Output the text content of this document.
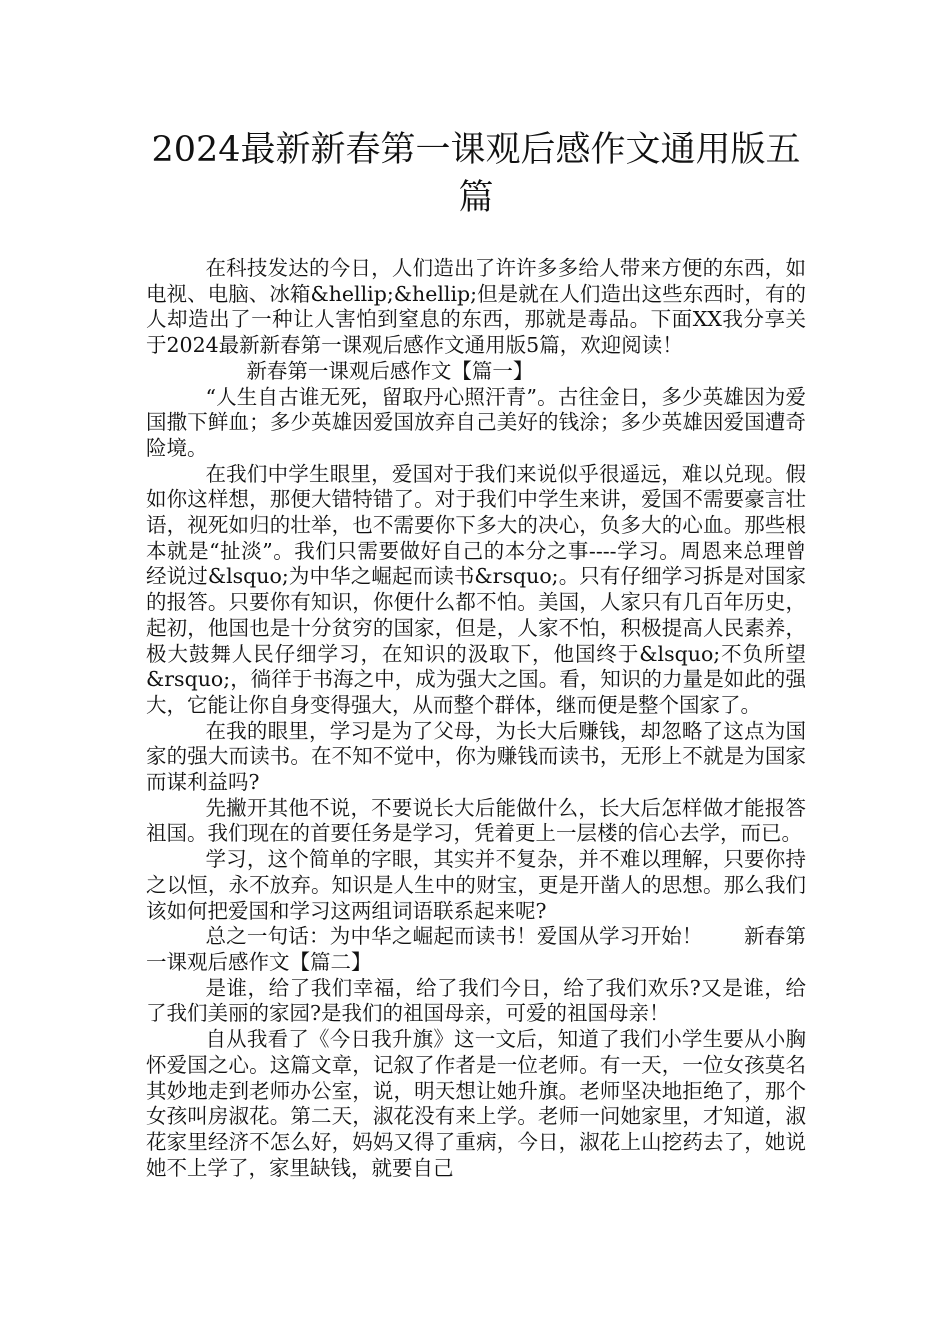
2024最新新春第一课观后感作文通用版五篇

在科技发达的今日，人们造出了许许多多给人带来方便的东西，如电视、电脑、冰箱&hellip;&hellip;但是就在人们造出这些东西时，有的人却造出了一种让人害怕到窒息的东西，那就是毒品。下面XX我分享关于2024最新新春第一课观后感作文通用版5篇，欢迎阅读！

新春第一课观后感作文【篇一】

“人生自古谁无死，留取丹心照汗青”。古往金日，多少英雄因为爱国撒下鲜血；多少英雄因爱国放弃自己美好的钱涂；多少英雄因爱国遭奇险境。

在我们中学生眼里，爱国对于我们来说似乎很遥远，难以兑现。假如你这样想，那便大错特错了。对于我们中学生来讲，爱国不需要豪言壮语，视死如归的壮举，也不需要你下多大的决心，负多大的心血。那些根本就是“扯淡”。我们只需要做好自己的本分之事----学习。周恩来总理曾经说过&lsquo;为中华之崛起而读书&rsquo;。只有仔细学习拆是对国家的报答。只要你有知识，你便什么都不怕。美国，人家只有几百年历史，起初，他国也是十分贫穷的国家，但是，人家不怕，积极提高人民素养，极大鼓舞人民仔细学习，在知识的汲取下，他国终于&lsquo;不负所望&rsquo;，徜徉于书海之中，成为强大之国。看，知识的力量是如此的强大，它能让你自身变得强大，从而整个群体，继而便是整个国家了。

在我的眼里，学习是为了父母，为长大后赚钱，却忽略了这点为国家的强大而读书。在不知不觉中，你为赚钱而读书，无形上不就是为国家而谋利益吗?

先撇开其他不说，不要说长大后能做什么，长大后怎样做才能报答祖国。我们现在的首要任务是学习，凭着更上一层楼的信心去学，而已。

学习，这个简单的字眼，其实并不复杂，并不难以理解，只要你持之以恒，永不放弃。知识是人生中的财宝，更是开凿人的思想。那么我们该如何把爱国和学习这两组词语联系起来呢?

总之一句话：为中华之崛起而读书！爱国从学习开始！　　新春第一课观后感作文【篇二】

是谁，给了我们幸福，给了我们今日，给了我们欢乐?又是谁，给了我们美丽的家园?是我们的祖国母亲，可爱的祖国母亲！

自从我看了《今日我升旗》这一文后，知道了我们小学生要从小胸怀爱国之心。这篇文章，记叙了作者是一位老师。有一天，一位女孩莫名其妙地走到老师办公室，说，明天想让她升旗。老师坚决地拒绝了，那个女孩叫房淑花。第二天，淑花没有来上学。老师一问她家里，才知道，淑花家里经济不怎么好，妈妈又得了重病，今日，淑花上山挖药去了，她说她不上学了，家里缺钱，就要自己
